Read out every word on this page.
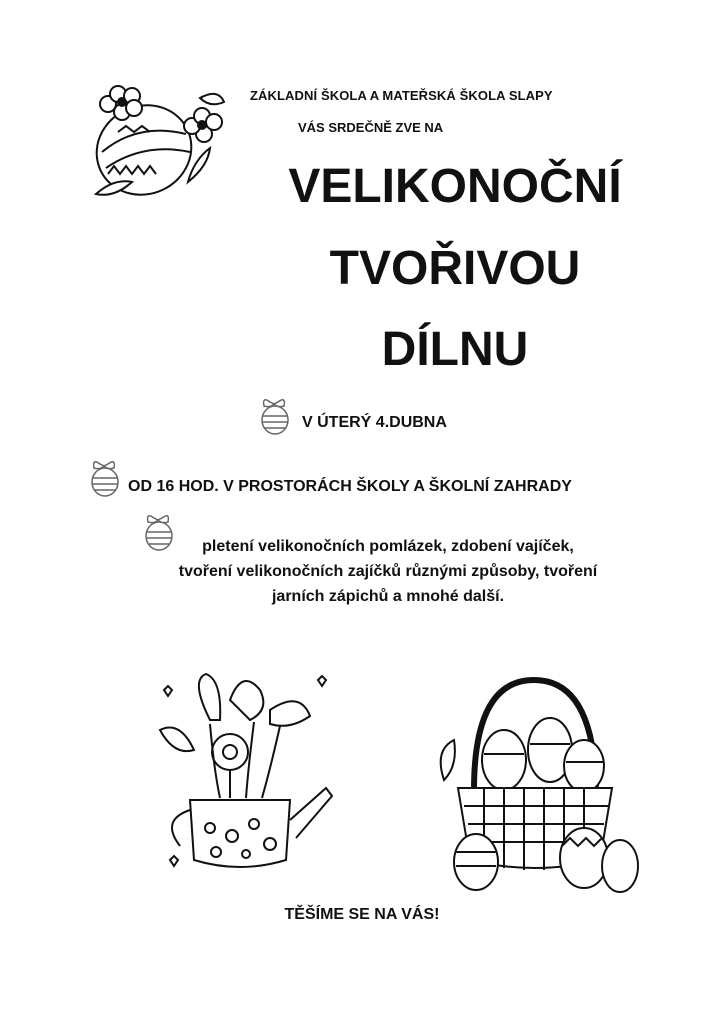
ZÁKLADNÍ ŠKOLA A MATEŘSKÁ ŠKOLA SLAPY
VÁS SRDEČNĚ ZVE NA
VELIKONOČNÍ
TVOŘIVOU
DÍLNU
V ÚTERÝ 4.DUBNA
OD 16 HOD. V PROSTORÁCH ŠKOLY A ŠKOLNÍ ZAHRADY
pletení velikonočních pomlázek, zdobení vajíček,
tvoření velikonočních zajíčků různými způsoby, tvoření
jarních zápichů a mnohé další.
TĚŠÍME SE NA VÁS!
